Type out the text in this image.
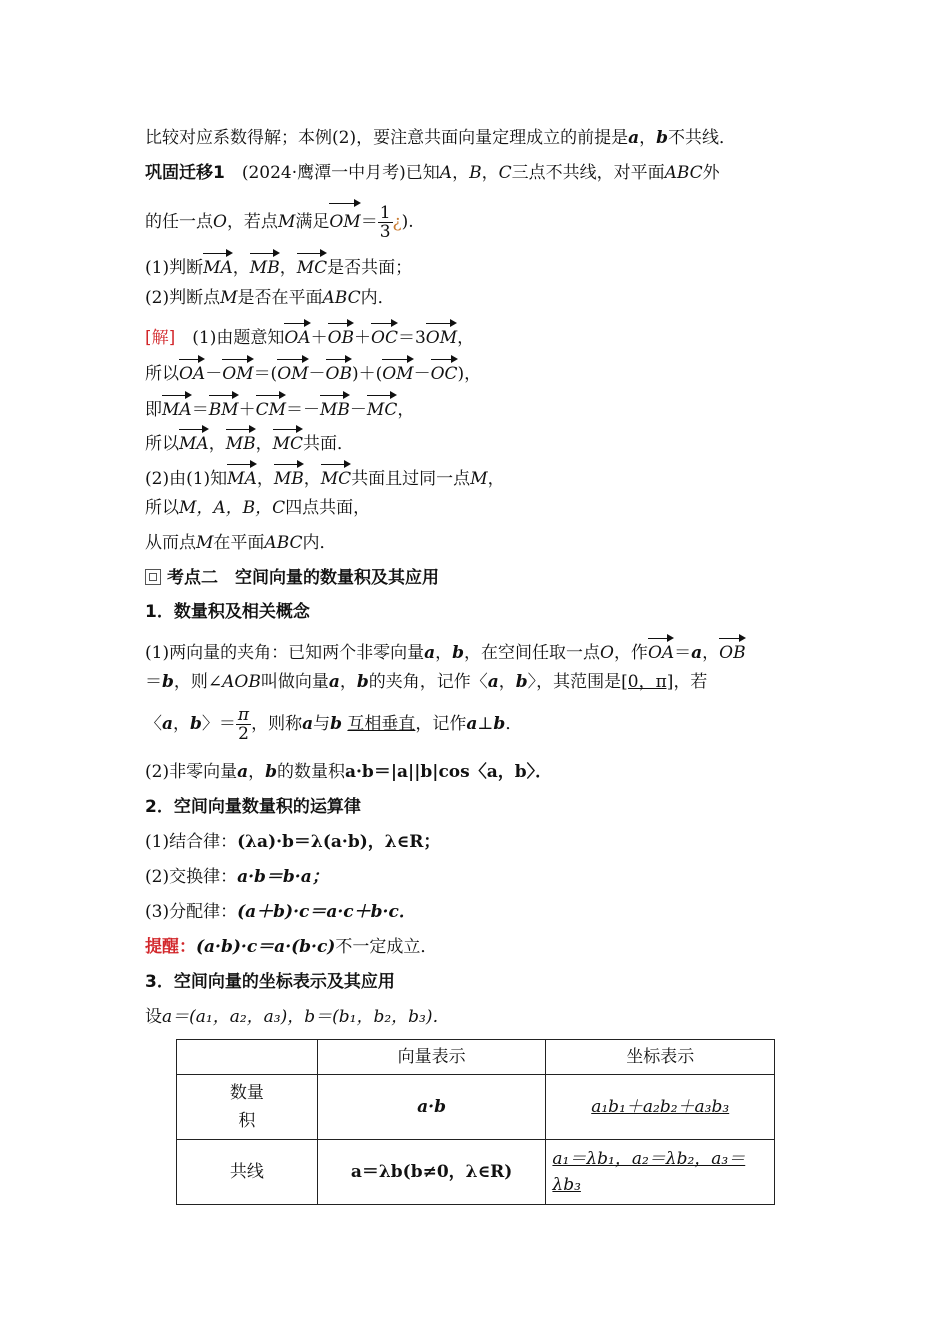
比较对应系数得解；本例(2)，要注意共面向量定理成立的前提是a，b不共线．
巩固迁移1　(2024·鹰潭一中月考)已知A，B，C三点不共线，对平面ABC外
的任一点O，若点M满足$OM= \frac{1}{3}$ ¿).
(1)判断MA，MB，MC是否共面；
(2)判断点M是否在平面ABC内．
[解]　(1)由题意知OA＋OB＋OC＝3OM，
所以OA－OM＝(OM－OB)＋(OM－OC)，
即MA＝BM＋CM＝－MB－MC，
所以MA，MB，MC共面．
(2)由(1)知MA，MB，MC共面且过同一点M，
所以M，A，B，C四点共面，
从而点M在平面ABC内．
考点二　空间向量的数量积及其应用
1．数量积及相关概念
(1)两向量的夹角：已知两个非零向量a，b，在空间任取一点O，作OA＝a，OB
＝b，则∠AOB叫做向量a，b的夹角，记作〈a，b〉，其范围是[0，π]，若
〈a，b〉＝ $\frac{\pi}{2}$ ，则称a与b 互相垂直，记作a⊥b．
(2)非零向量a，b的数量积a·b＝|a||b|cos〈a，b〉．
2．空间向量数量积的运算律
(1)结合律：(λa)·b＝λ(a·b)，λ∈R；
(2)交换律：a·b＝b·a；
(3)分配律：(a＋b)·c＝a·c＋b·c．
提醒：(a·b)·c＝a·(b·c)不一定成立．
3．空间向量的坐标表示及其应用
设a＝(a₁，a₂，a₃)，b＝(b₁，b₂，b₃)．
	向量表示	坐标表示
数量积	a·b	a₁b₁＋a₂b₂＋a₃b₃
共线	a＝λb(b≠0，λ∈R)	a₁＝λb₁，a₂＝λb₂，a₃＝λb₃
